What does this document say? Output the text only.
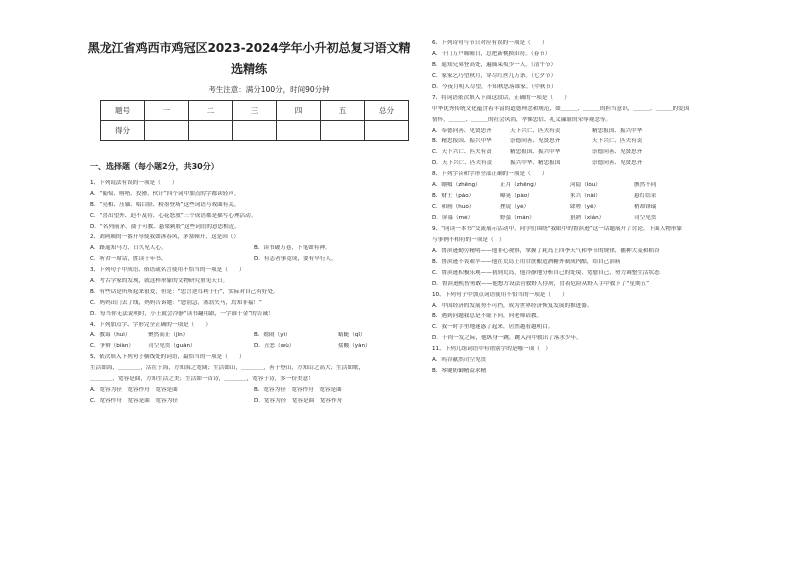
黑龙江省鸡西市鸡冠区2023-2024学年小升初总复习语文精
选精练
考生注意：满分100分，时间90分钟
题号	一	二	三	四	五	总分
得分						
一、选择题（每小题2分，共30分）
1、下列说法有误的一项是（　　）
A．“葡萄、喀嗒、狡猾、伙计”四个词中加点的字都读轻声。
B．“亮相、压轴、唱白脸、粉墨登场”这些词语与戏曲有关。
C．“喜出望外、迫不及待、心花怒放”三个成语都是描写心理活动。
D．“名列前茅、孺子可教、悬梁刺股”这些词语的意思相近。
2、刘阿姨的一番开导使我如沐春风，茅塞顿开，这是因（）
A．路遥知马力，日久见人心。	B．读书破万卷，下笔如有神。
C．听君一席话，胜读十年书。	D．有志者事竟成，要有早行人。
3、下列句子中成语、俗语或名言使用不恰当的一项是（　　）
A．考古学家的发现，就这样形象的文物研究重见天日。
B．有些话是所所起来很爱，但是：“忠言逆耳利于行”，实际对自己有好处。
C．妈妈出门去了线，妈妈告诉她：“您别急，塞翁失马，焉知非福！”
D．每当你无法说明时，小王就会冷静“读书翻用跟，一字谁千金”的告诫！
4、下列加点字、字形完全正确的一项是（　　）
A．教诲（huì）	聚然而止（jǐn）	B．嬉闹（yì）	蜻蜓（qǐ）
C．争辩（biàn）	司空见贯（guàn）	D．丑恶（wù）	盐酸（yàn）
5、依次填入下列句子横线处的词语，最恰当的一项是（　　）
生活如海，＿＿＿＿，活在于海，方知海之宽阔；生活如山，＿＿＿＿，善于登山，方知山之高大；生活如歌，
＿＿＿＿，宽容是曲，方知生活之美；生活如一首诗，＿＿＿＿，宽容于诗，多一份美意！
A．宽容为径　宽容作舟　宽容是曲	B．宽容为径　宽容作舟　宽容是曲
C．宽容作舟　宽容是曲　宽容为径	D．宽容为径　宽容是曲　宽容作舟
6、下列诗句与节日对应有误的一项是（　　）
A．千门万户曈曈日，总把新桃换旧符。（春节）
B．遥知兄弟登高处，遍插茱萸少一人。（清午节）
C．家家乞巧望秋月，穿尽红丝几万条。（七夕节）
D．今夜月明人尽望，不知秋思落谁家。（中秋节）
7、将词语依次填入下面这段话，正确的一项是（　　）
中华优秀传统文化蕴含着丰富的道德理念和规范，如＿＿＿、＿＿＿的担当意识，＿＿＿、＿＿＿的爱国
情怀，＿＿＿、＿＿＿的社会风尚，孝悌忠信、礼义廉耻的荣辱观念等。
A．奉德向善、见贤思齐	天下兴亡、匹夫有责	精忠报国、振兴中华
B．精忠报国、振兴中华	崇德向善、见贤思齐	天下兴亡、匹夫有责
C．天下兴亡、匹夫有责	精忠报国、振兴中华	崇德向善、见贤思齐
D．天下兴亡、匹夫有责	振兴中华、精忠报国	崇德向善、见贤思齐
8、下列字音和字形全部正确的一项是（　　）
A．绷飨（zhēng）	正月（zhēng）	菏隐（lòu）	骸然不同
B．财士（páo）	曝晃（pào）	朱兴（nài）	悬灯结采
C．和画（huò）	挫说（yè）	肆嗟（yě）	稍却锋瑞
D．屏幕（mé）	野蛮（mán）	猖熟（xián）	司空见贯
9、“同读一本书”交流展示活动中，同学们围绕“我眼中的鲁滨逊”这一话题展开了讨论。下面人物形象
与事例不相符的一项是（　）
A．鲁滨逊勤劳精明——他非心观察，掌握了耗岛上四季天气和季节的规律，播种大麦和稻谷
B．鲁滨逊不畏艰辛——他在荒岛上用甘蔗酿造酒糖外制成内酷，给自己治病
C．鲁滨逊积极乐观——初到荒岛，他冷静地分析自己的处境，宽慰自己，努力调整生活状态
D．鲁滨逊机智勇敢——他想方设法营救野人俘虏，冒着危险从野人手中救下了“星期五”
10、下列句子中加点词语使用不恰当的一项是（　　）
A．中国经济的发展势不可挡，成为世界经济恢复发展的推进器。
B．遇到问题我总是不耻下问，向老师请教。
C．我一时手里地迷惑了起来，居然越看越明白。
D．千钧一发之际，他纵身一跳，跳入河中救出了落水少年。
11、下列几组词语中有错别字的是哪一项（　）
A．呜谷献然司空见贯
B．琴键防御精益求精
